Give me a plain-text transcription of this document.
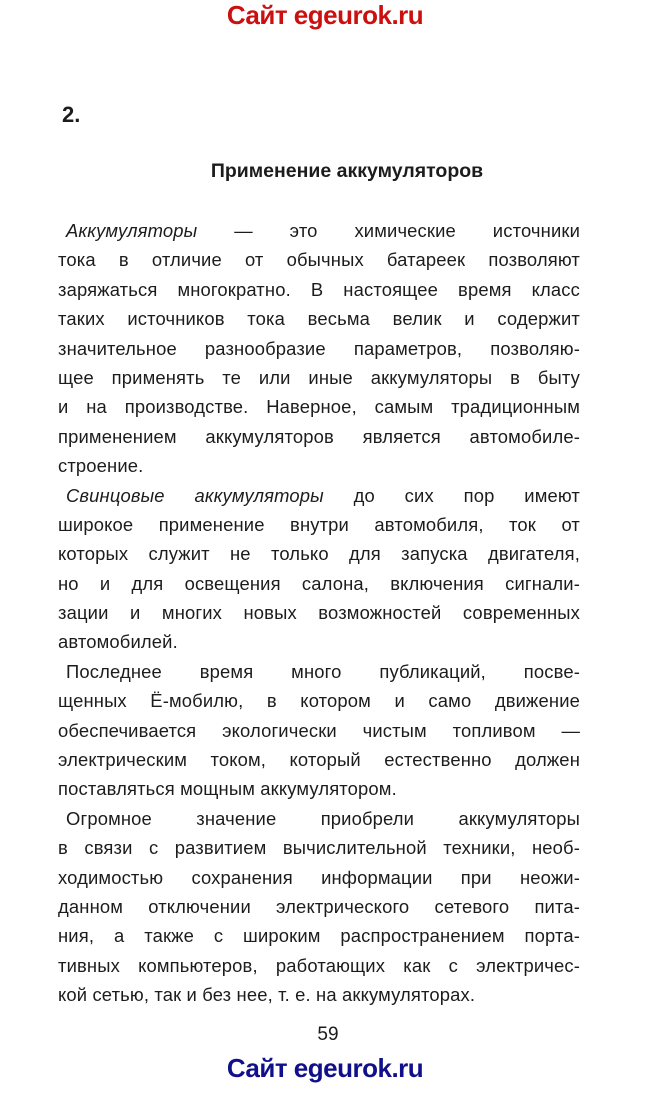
Сайт egeurok.ru
2.
Применение аккумуляторов
Аккумуляторы — это химические источники
тока в отличие от обычных батареек позволяют
заряжаться многократно. В настоящее время класс
таких источников тока весьма велик и содержит
значительное разнообразие параметров, позволяю-
щее применять те или иные аккумуляторы в быту
и на производстве. Наверное, самым традиционным
применением аккумуляторов является автомобиле-
строение.
Свинцовые аккумуляторы до сих пор имеют
широкое применение внутри автомобиля, ток от
которых служит не только для запуска двигателя,
но и для освещения салона, включения сигнали-
зации и многих новых возможностей современных
автомобилей.
Последнее время много публикаций, посве-
щенных Ё-мобилю, в котором и само движение
обеспечивается экологически чистым топливом —
электрическим током, который естественно должен
поставляться мощным аккумулятором.
Огромное значение приобрели аккумуляторы
в связи с развитием вычислительной техники, необ-
ходимостью сохранения информации при неожи-
данном отключении электрического сетевого пита-
ния, а также с широким распространением порта-
тивных компьютеров, работающих как с электричес-
кой сетью, так и без нее, т. е. на аккумуляторах.
59
Сайт egeurok.ru
